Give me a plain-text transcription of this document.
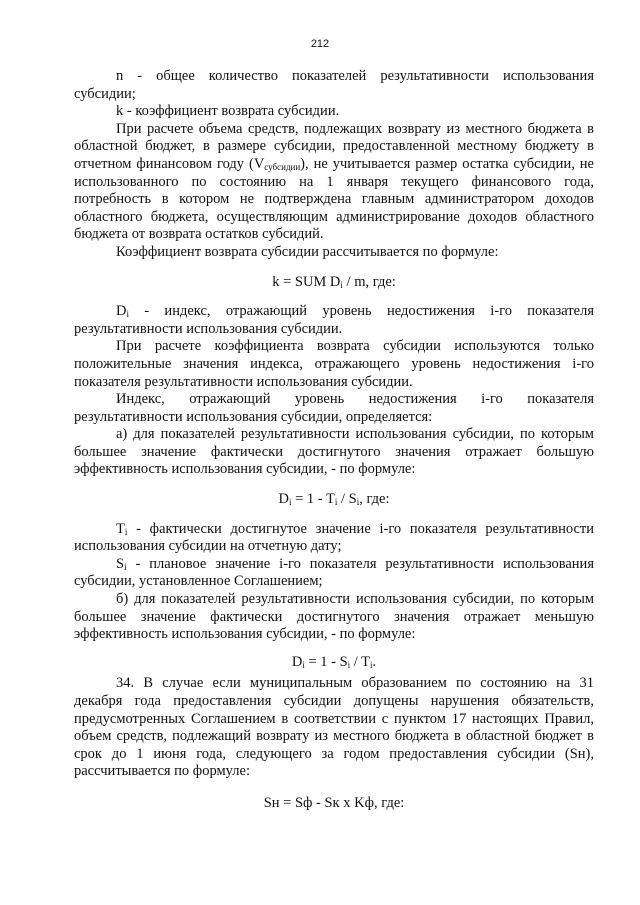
212

n - общее количество показателей результативности использования субсидии;

k - коэффициент возврата субсидии.

При расчете объема средств, подлежащих возврату из местного бюджета в областной бюджет, в размере субсидии, предоставленной местному бюджету в отчетном финансовом году $(V_{субсидии})$, не учитывается размер остатка субсидии, не использованного по состоянию на 1 января текущего финансового года, потребность в котором не подтверждена главным администратором доходов областного бюджета, осуществляющим администрирование доходов областного бюджета от возврата остатков субсидий.

Коэффициент возврата субсидии рассчитывается по формуле:

k = SUM $D_i$ / m, где:

$D_i$ - индекс, отражающий уровень недостижения i-го показателя результативности использования субсидии.

При расчете коэффициента возврата субсидии используются только положительные значения индекса, отражающего уровень недостижения i-го показателя результативности использования субсидии.

Индекс, отражающий уровень недостижения i-го показателя результативности использования субсидии, определяется:

а) для показателей результативности использования субсидии, по которым большее значение фактически достигнутого значения отражает большую эффективность использования субсидии, - по формуле:

$D_i = 1 - T_i / S_i$, где:

$T_i$ - фактически достигнутое значение i-го показателя результативности использования субсидии на отчетную дату;

$S_i$ - плановое значение i-го показателя результативности использования субсидии, установленное Соглашением;

б) для показателей результативности использования субсидии, по которым большее значение фактически достигнутого значения отражает меньшую эффективность использования субсидии, - по формуле:

$D_i = 1 - S_i / T_i$.

34. В случае если муниципальным образованием по состоянию на 31 декабря года предоставления субсидии допущены нарушения обязательств, предусмотренных Соглашением в соответствии с пунктом 17 настоящих Правил, объем средств, подлежащий возврату из местного бюджета в областной бюджет в срок до 1 июня года, следующего за годом предоставления субсидии (Sн), рассчитывается по формуле:

Sн = Sф - Sк x Kф, где:
